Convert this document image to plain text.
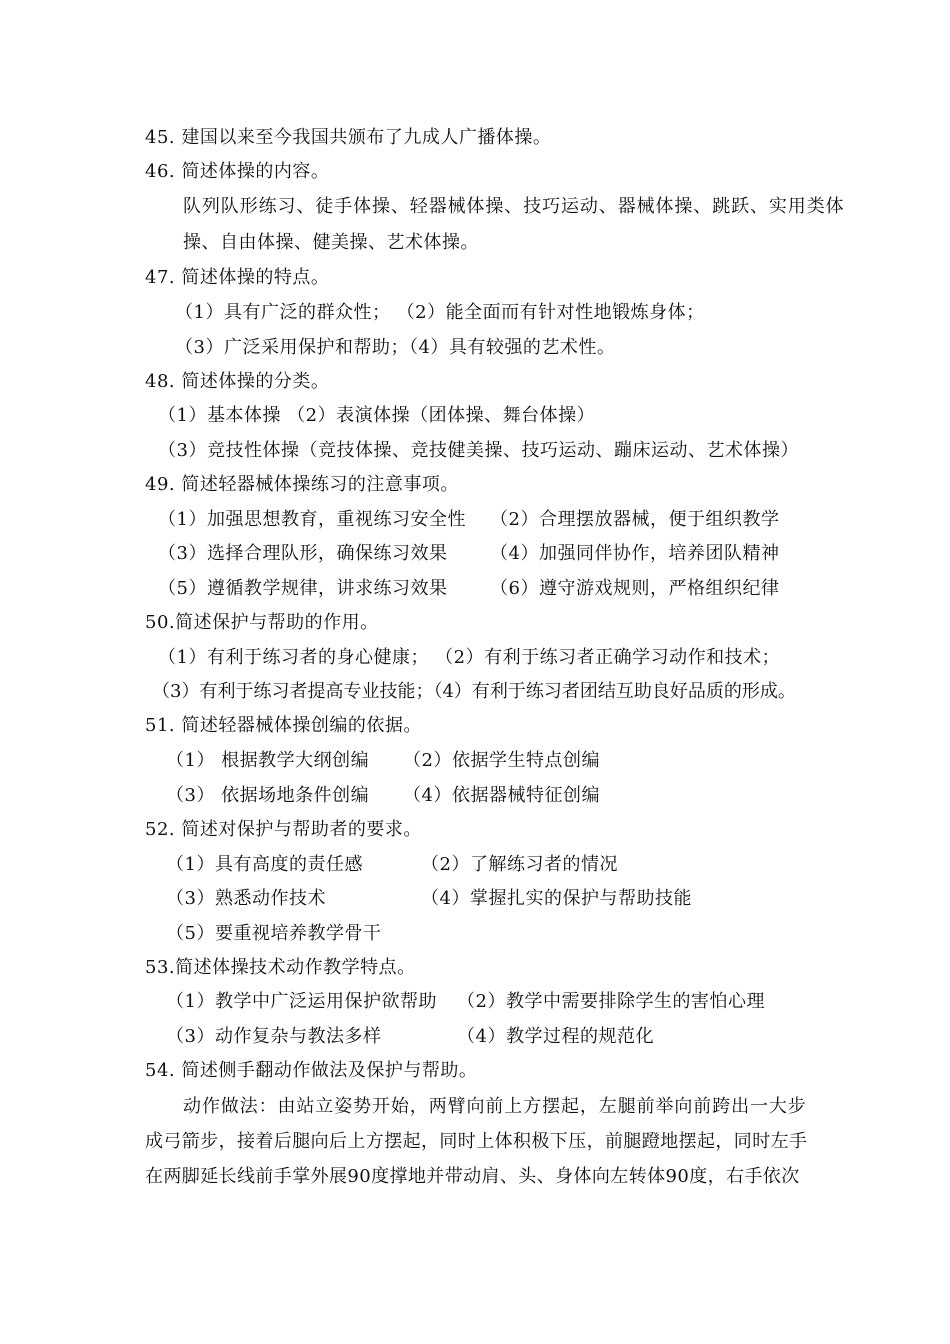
45. 建国以来至今我国共颁布了九成人广播体操。
46. 简述体操的内容。
队列队形练习、徒手体操、轻器械体操、技巧运动、器械体操、跳跃、实用类体
操、自由体操、健美操、艺术体操。
47. 简述体操的特点。
（1）具有广泛的群众性； （2）能全面而有针对性地锻炼身体；
（3）广泛采用保护和帮助；（4）具有较强的艺术性。
48. 简述体操的分类。
（1）基本体操 （2）表演体操（团体操、舞台体操）
（3）竞技性体操（竞技体操、竞技健美操、技巧运动、蹦床运动、艺术体操）
49. 简述轻器械体操练习的注意事项。
（1）加强思想教育，重视练习安全性 （2）合理摆放器械，便于组织教学
（3）选择合理队形，确保练习效果 （4）加强同伴协作，培养团队精神
（5）遵循教学规律，讲求练习效果 （6）遵守游戏规则，严格组织纪律
50.简述保护与帮助的作用。
（1）有利于练习者的身心健康； （2）有利于练习者正确学习动作和技术；
（3）有利于练习者提高专业技能；（4）有利于练习者团结互助良好品质的形成。
51. 简述轻器械体操创编的依据。
（1） 根据教学大纲创编 （2）依据学生特点创编
（3） 依据场地条件创编 （4）依据器械特征创编
52. 简述对保护与帮助者的要求。
（1）具有高度的责任感	（2）了解练习者的情况
（3）熟悉动作技术	（4）掌握扎实的保护与帮助技能
（5）要重视培养教学骨干
53.简述体操技术动作教学特点。
（1）教学中广泛运用保护欲帮助 （2）教学中需要排除学生的害怕心理
（3）动作复杂与教法多样	（4）教学过程的规范化
54. 简述侧手翻动作做法及保护与帮助。
动作做法：由站立姿势开始，两臂向前上方摆起，左腿前举向前跨出一大步
成弓箭步，接着后腿向后上方摆起，同时上体积极下压，前腿蹬地摆起，同时左手
在两脚延长线前手掌外展90度撑地并带动肩、头、身体向左转体90度，右手依次
